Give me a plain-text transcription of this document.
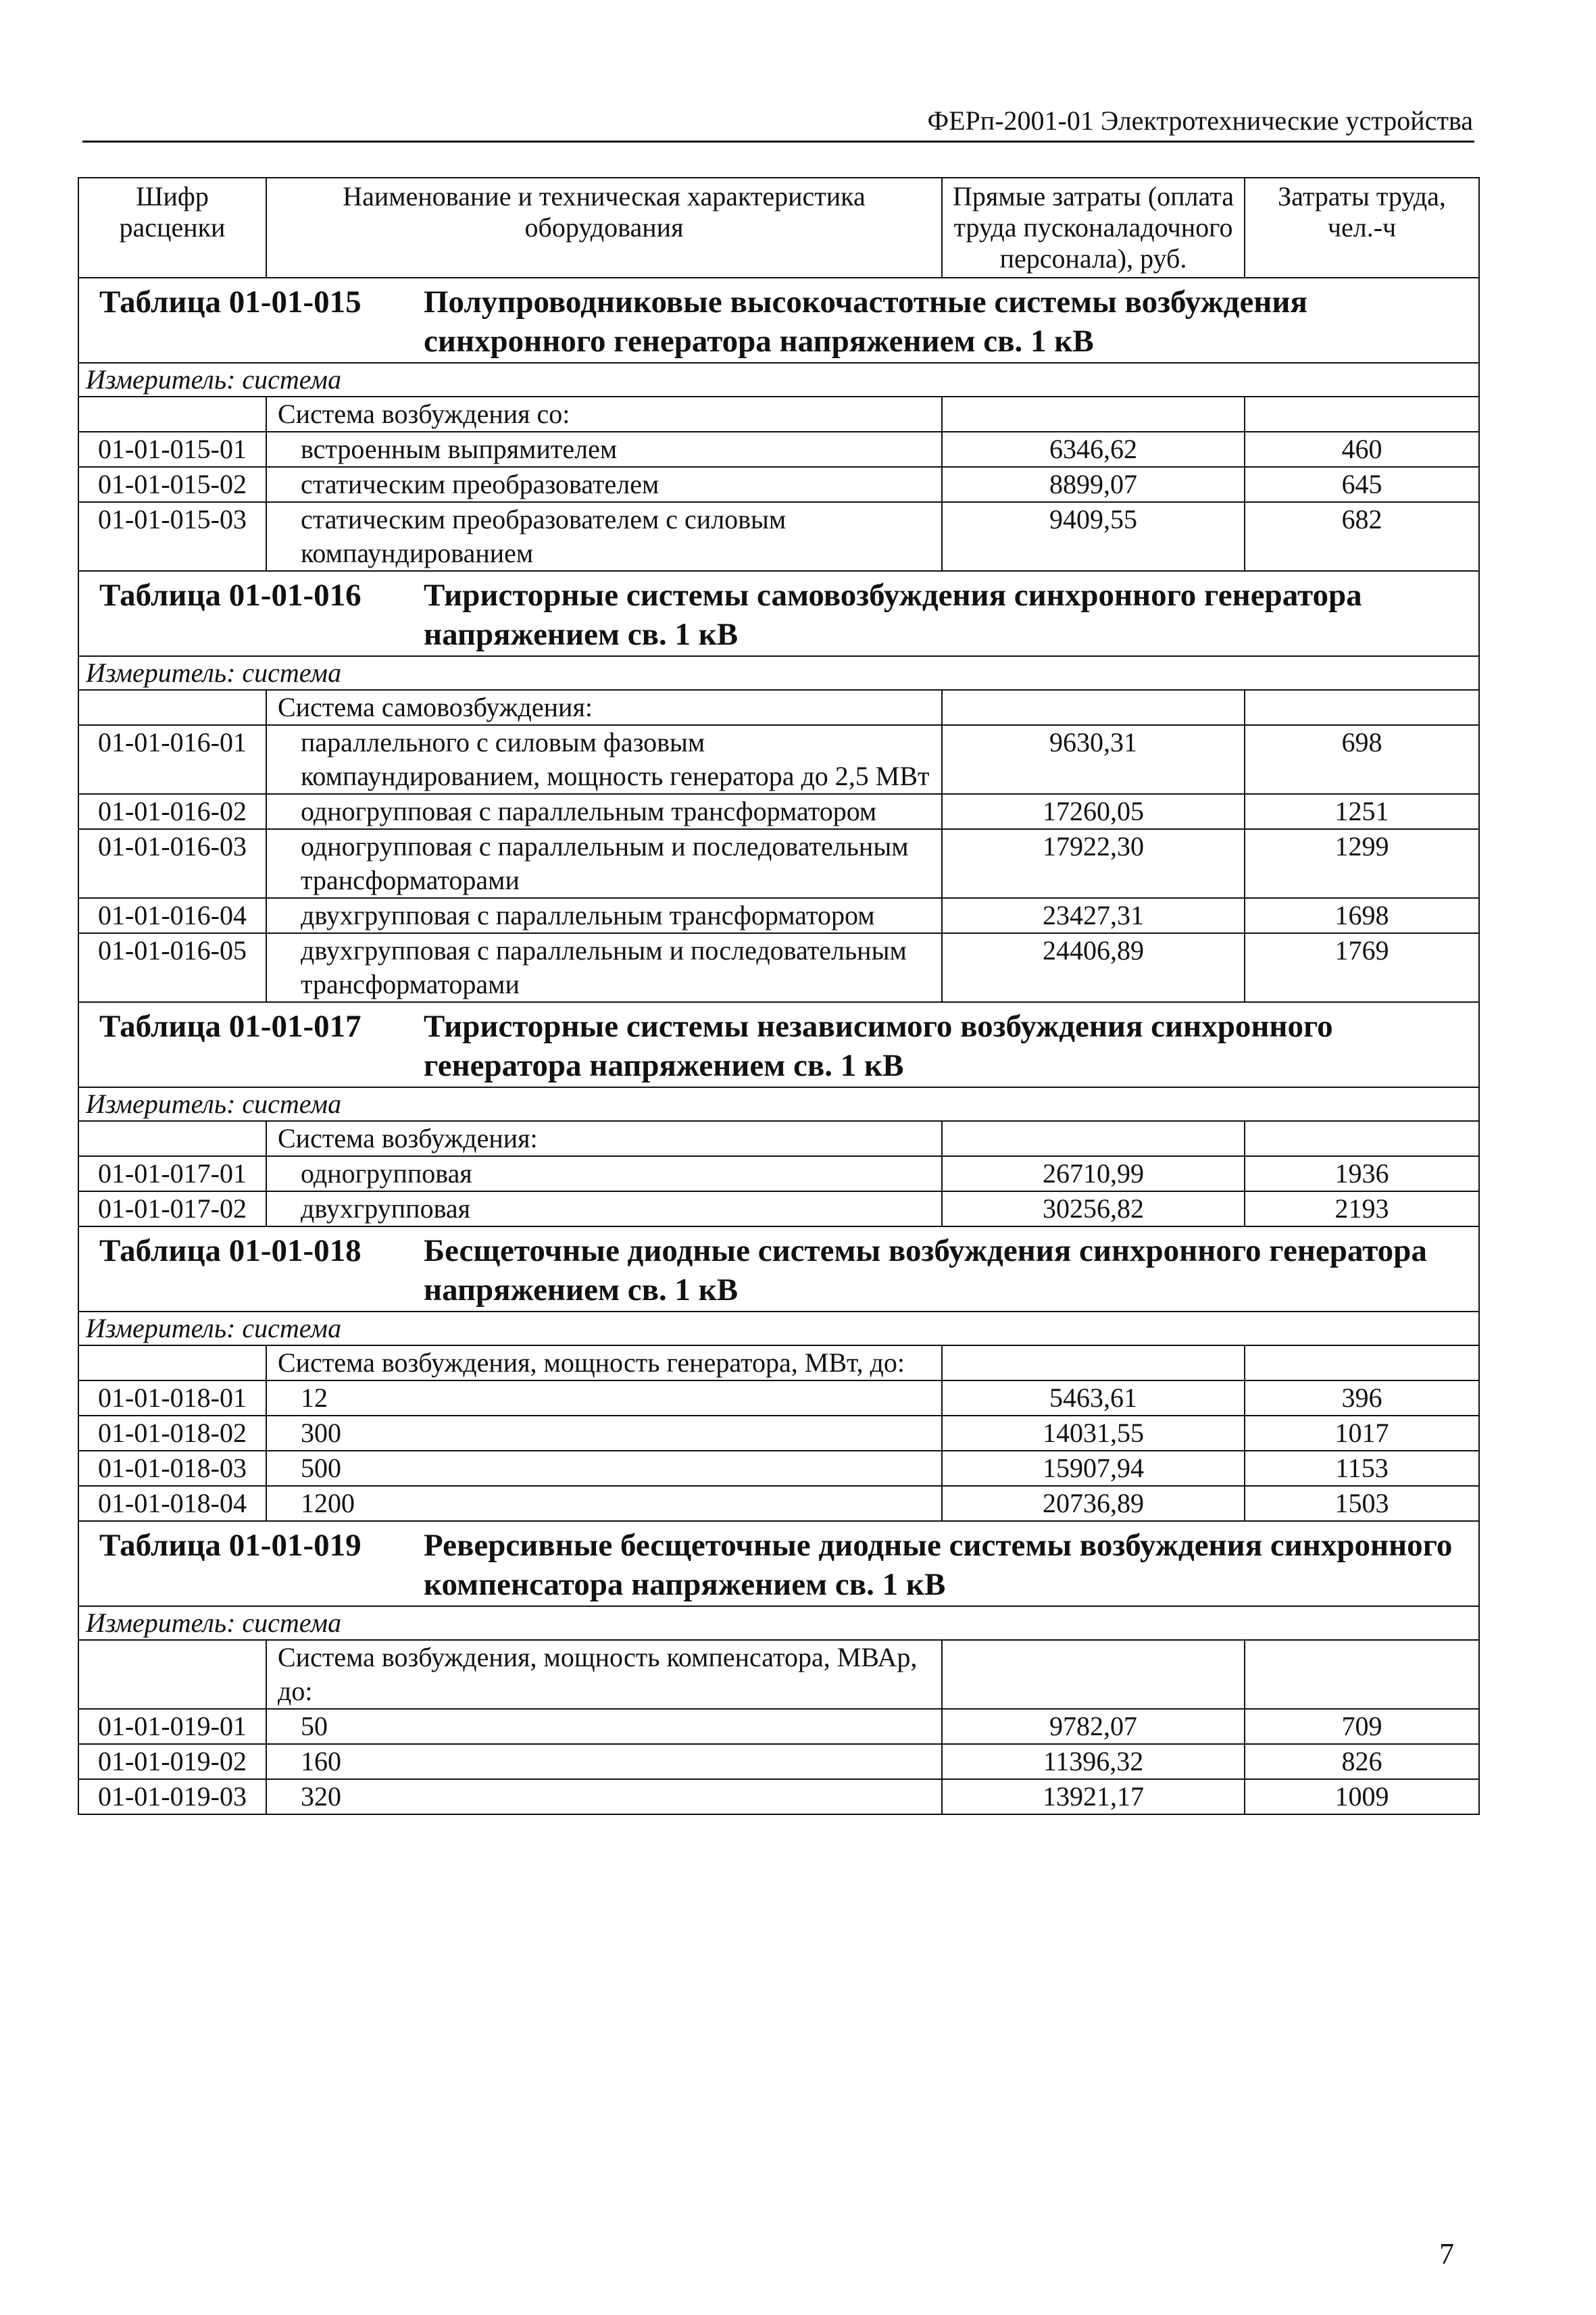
ФЕРп-2001-01 Электротехнические устройства
Шифр расценки	Наименование и техническая характеристика оборудования	Прямые затраты (оплата труда пусконаладочного персонала), руб.	Затраты труда, чел.-ч

Таблица 01-01-015 Полупроводниковые высокочастотные системы возбуждения синхронного генератора напряжением св. 1 кВ			

Измеритель: система			
	Система возбуждения со:		
01-01-015-01	встроенным выпрямителем	6346,62	460
01-01-015-02	статическим преобразователем	8899,07	645
01-01-015-03	статическим преобразователем с силовым компаундированием	9409,55	682

Таблица 01-01-016 Тиристорные системы самовозбуждения синхронного генератора напряжением св. 1 кВ			

Измеритель: система			
	Система самовозбуждения:		
01-01-016-01	параллельного с силовым фазовым компаундированием, мощность генератора до 2,5 МВт	9630,31	698
01-01-016-02	одногрупповая с параллельным трансформатором	17260,05	1251
01-01-016-03	одногрупповая с параллельным и последовательным трансформаторами	17922,30	1299
01-01-016-04	двухгрупповая с параллельным трансформатором	23427,31	1698
01-01-016-05	двухгрупповая с параллельным и последовательным трансформаторами	24406,89	1769

Таблица 01-01-017 Тиристорные системы независимого возбуждения синхронного генератора напряжением св. 1 кВ			

Измеритель: система			
	Система возбуждения:		
01-01-017-01	одногрупповая	26710,99	1936
01-01-017-02	двухгрупповая	30256,82	2193

Таблица 01-01-018 Бесщеточные диодные системы возбуждения синхронного генератора напряжением св. 1 кВ			

Измеритель: система			
	Система возбуждения, мощность генератора, МВт, до:		
01-01-018-01	12	5463,61	396
01-01-018-02	300	14031,55	1017
01-01-018-03	500	15907,94	1153
01-01-018-04	1200	20736,89	1503

Таблица 01-01-019 Реверсивные бесщеточные диодные системы возбуждения синхронного компенсатора напряжением св. 1 кВ			

Измеритель: система			
	Система возбуждения, мощность компенсатора, МВАр, до:		
01-01-019-01	50	9782,07	709
01-01-019-02	160	11396,32	826
01-01-019-03	320	13921,17	1009
7
